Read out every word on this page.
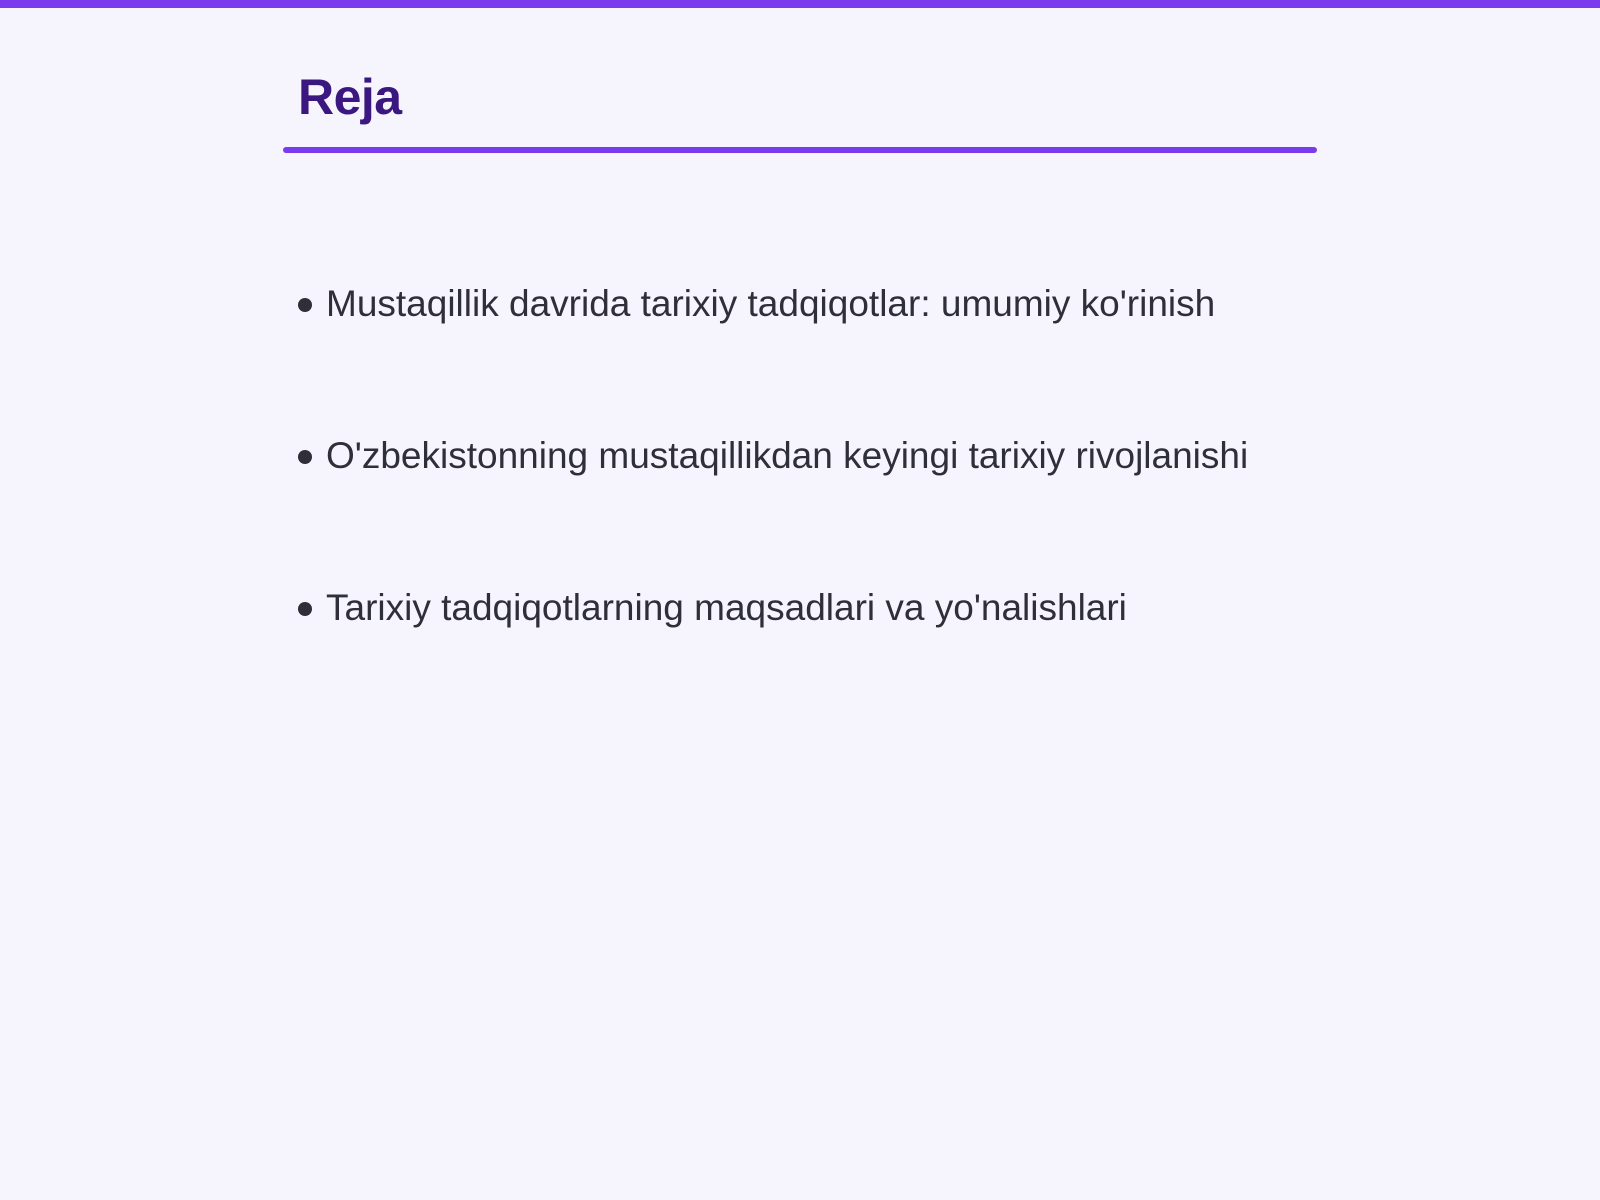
Reja
Mustaqillik davrida tarixiy tadqiqotlar: umumiy ko'rinish
O'zbekistonning mustaqillikdan keyingi tarixiy rivojlanishi
Tarixiy tadqiqotlarning maqsadlari va yo'nalishlari
